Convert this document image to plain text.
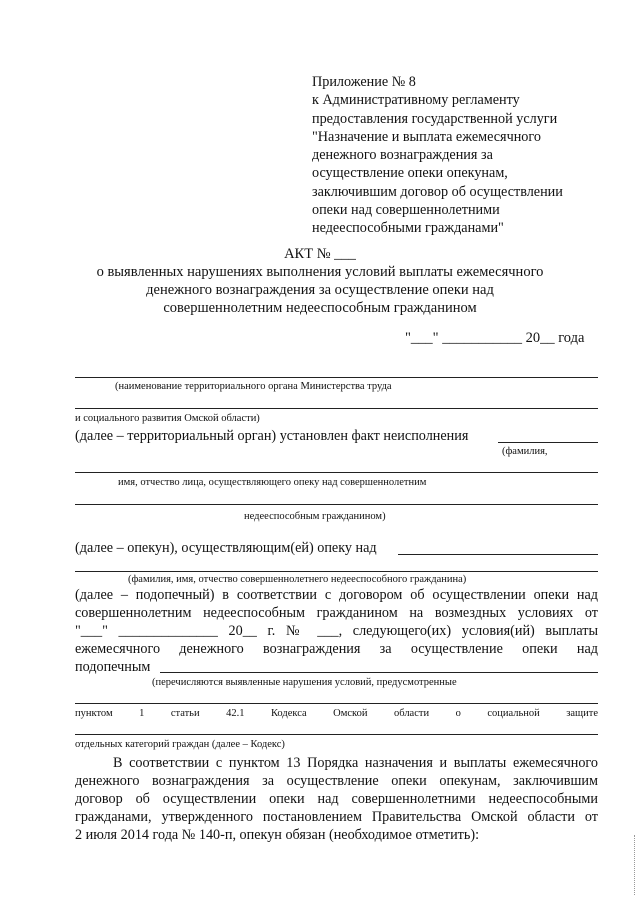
Приложение № 8
к Административному регламенту
предоставления государственной услуги
"Назначение и выплата ежемесячного
денежного вознаграждения за
осуществление опеки опекунам,
заключившим договор об осуществлении
опеки над совершеннолетними
недееспособными гражданами"
АКТ № ___
о выявленных нарушениях выполнения условий выплаты ежемесячного
денежного вознаграждения за осуществление опеки над
совершеннолетним недееспособным гражданином
"___" ___________ 20__ года
(наименование территориального органа Министерства труда
и социального развития Омской области)
(далее – территориальный орган) установлен факт неисполнения
(фамилия,
имя, отчество лица, осуществляющего опеку над совершеннолетним
недееспособным гражданином)
(далее – опекун), осуществляющим(ей) опеку над
(фамилия, имя, отчество совершеннолетнего недееспособного гражданина)
(далее – подопечный) в соответствии с договором об осуществлении опеки над
совершеннолетним недееспособным гражданином на возмездных условиях от
"___" ______________ 20__ г. № ___, следующего(их) условия(ий) выплаты
ежемесячного денежного вознаграждения за осуществление опеки над
подопечным
(перечисляются выявленные нарушения условий, предусмотренные
пунктом 1 статьи 42.1 Кодекса Омской области о социальной защите
отдельных категорий граждан (далее – Кодекс)
В соответствии с пунктом 13 Порядка назначения и выплаты ежемесячного
денежного вознаграждения за осуществление опеки опекунам, заключившим
договор об осуществлении опеки над совершеннолетними недееспособными
гражданами, утвержденного постановлением Правительства Омской области от
2 июля 2014 года № 140-п, опекун обязан (необходимое отметить):
